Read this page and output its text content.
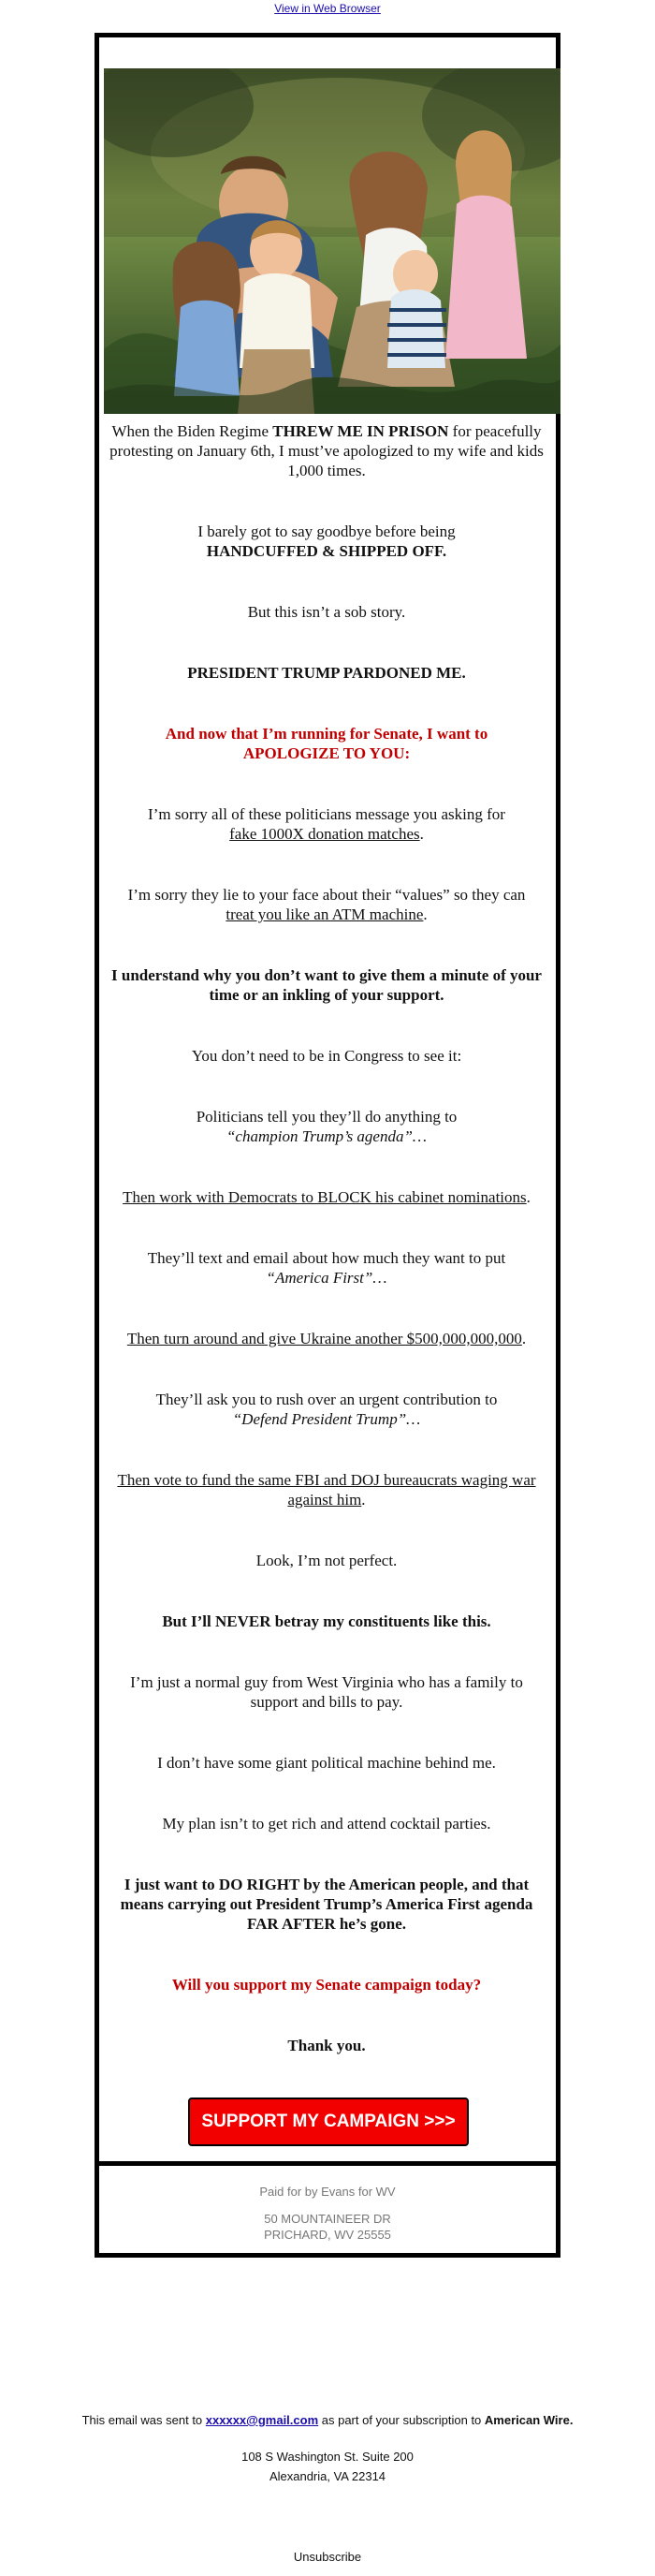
View in Web Browser

When the Biden Regime THREW ME IN PRISON for peacefully protesting on January 6th, I must’ve apologized to my wife and kids 1,000 times.

I barely got to say goodbye before being
HANDCUFFED & SHIPPED OFF.

But this isn’t a sob story.

PRESIDENT TRUMP PARDONED ME.

And now that I’m running for Senate, I want to
APOLOGIZE TO YOU:

I’m sorry all of these politicians message you asking for
fake 1000X donation matches.

I’m sorry they lie to your face about their “values” so they can
treat you like an ATM machine.

I understand why you don’t want to give them a minute of your time or an inkling of your support.

You don’t need to be in Congress to see it:

Politicians tell you they’ll do anything to
“champion Trump’s agenda”…

Then work with Democrats to BLOCK his cabinet nominations.

They’ll text and email about how much they want to put
“America First”…

Then turn around and give Ukraine another $500,000,000,000.

They’ll ask you to rush over an urgent contribution to
“Defend President Trump”…

Then vote to fund the same FBI and DOJ bureaucrats waging war against him.

Look, I’m not perfect.

But I’ll NEVER betray my constituents like this.

I’m just a normal guy from West Virginia who has a family to support and bills to pay.

I don’t have some giant political machine behind me.

My plan isn’t to get rich and attend cocktail parties.

I just want to DO RIGHT by the American people, and that means carrying out President Trump’s America First agenda FAR AFTER he’s gone.

Will you support my Senate campaign today?

Thank you.

SUPPORT MY CAMPAIGN >>>
Paid for by Evans for WV
50 MOUNTAINEER DR
PRICHARD, WV 25555
This email was sent to xxxxxx@gmail.com as part of your subscription to American Wire.
108 S Washington St. Suite 200
Alexandria, VA 22314
Unsubscribe
